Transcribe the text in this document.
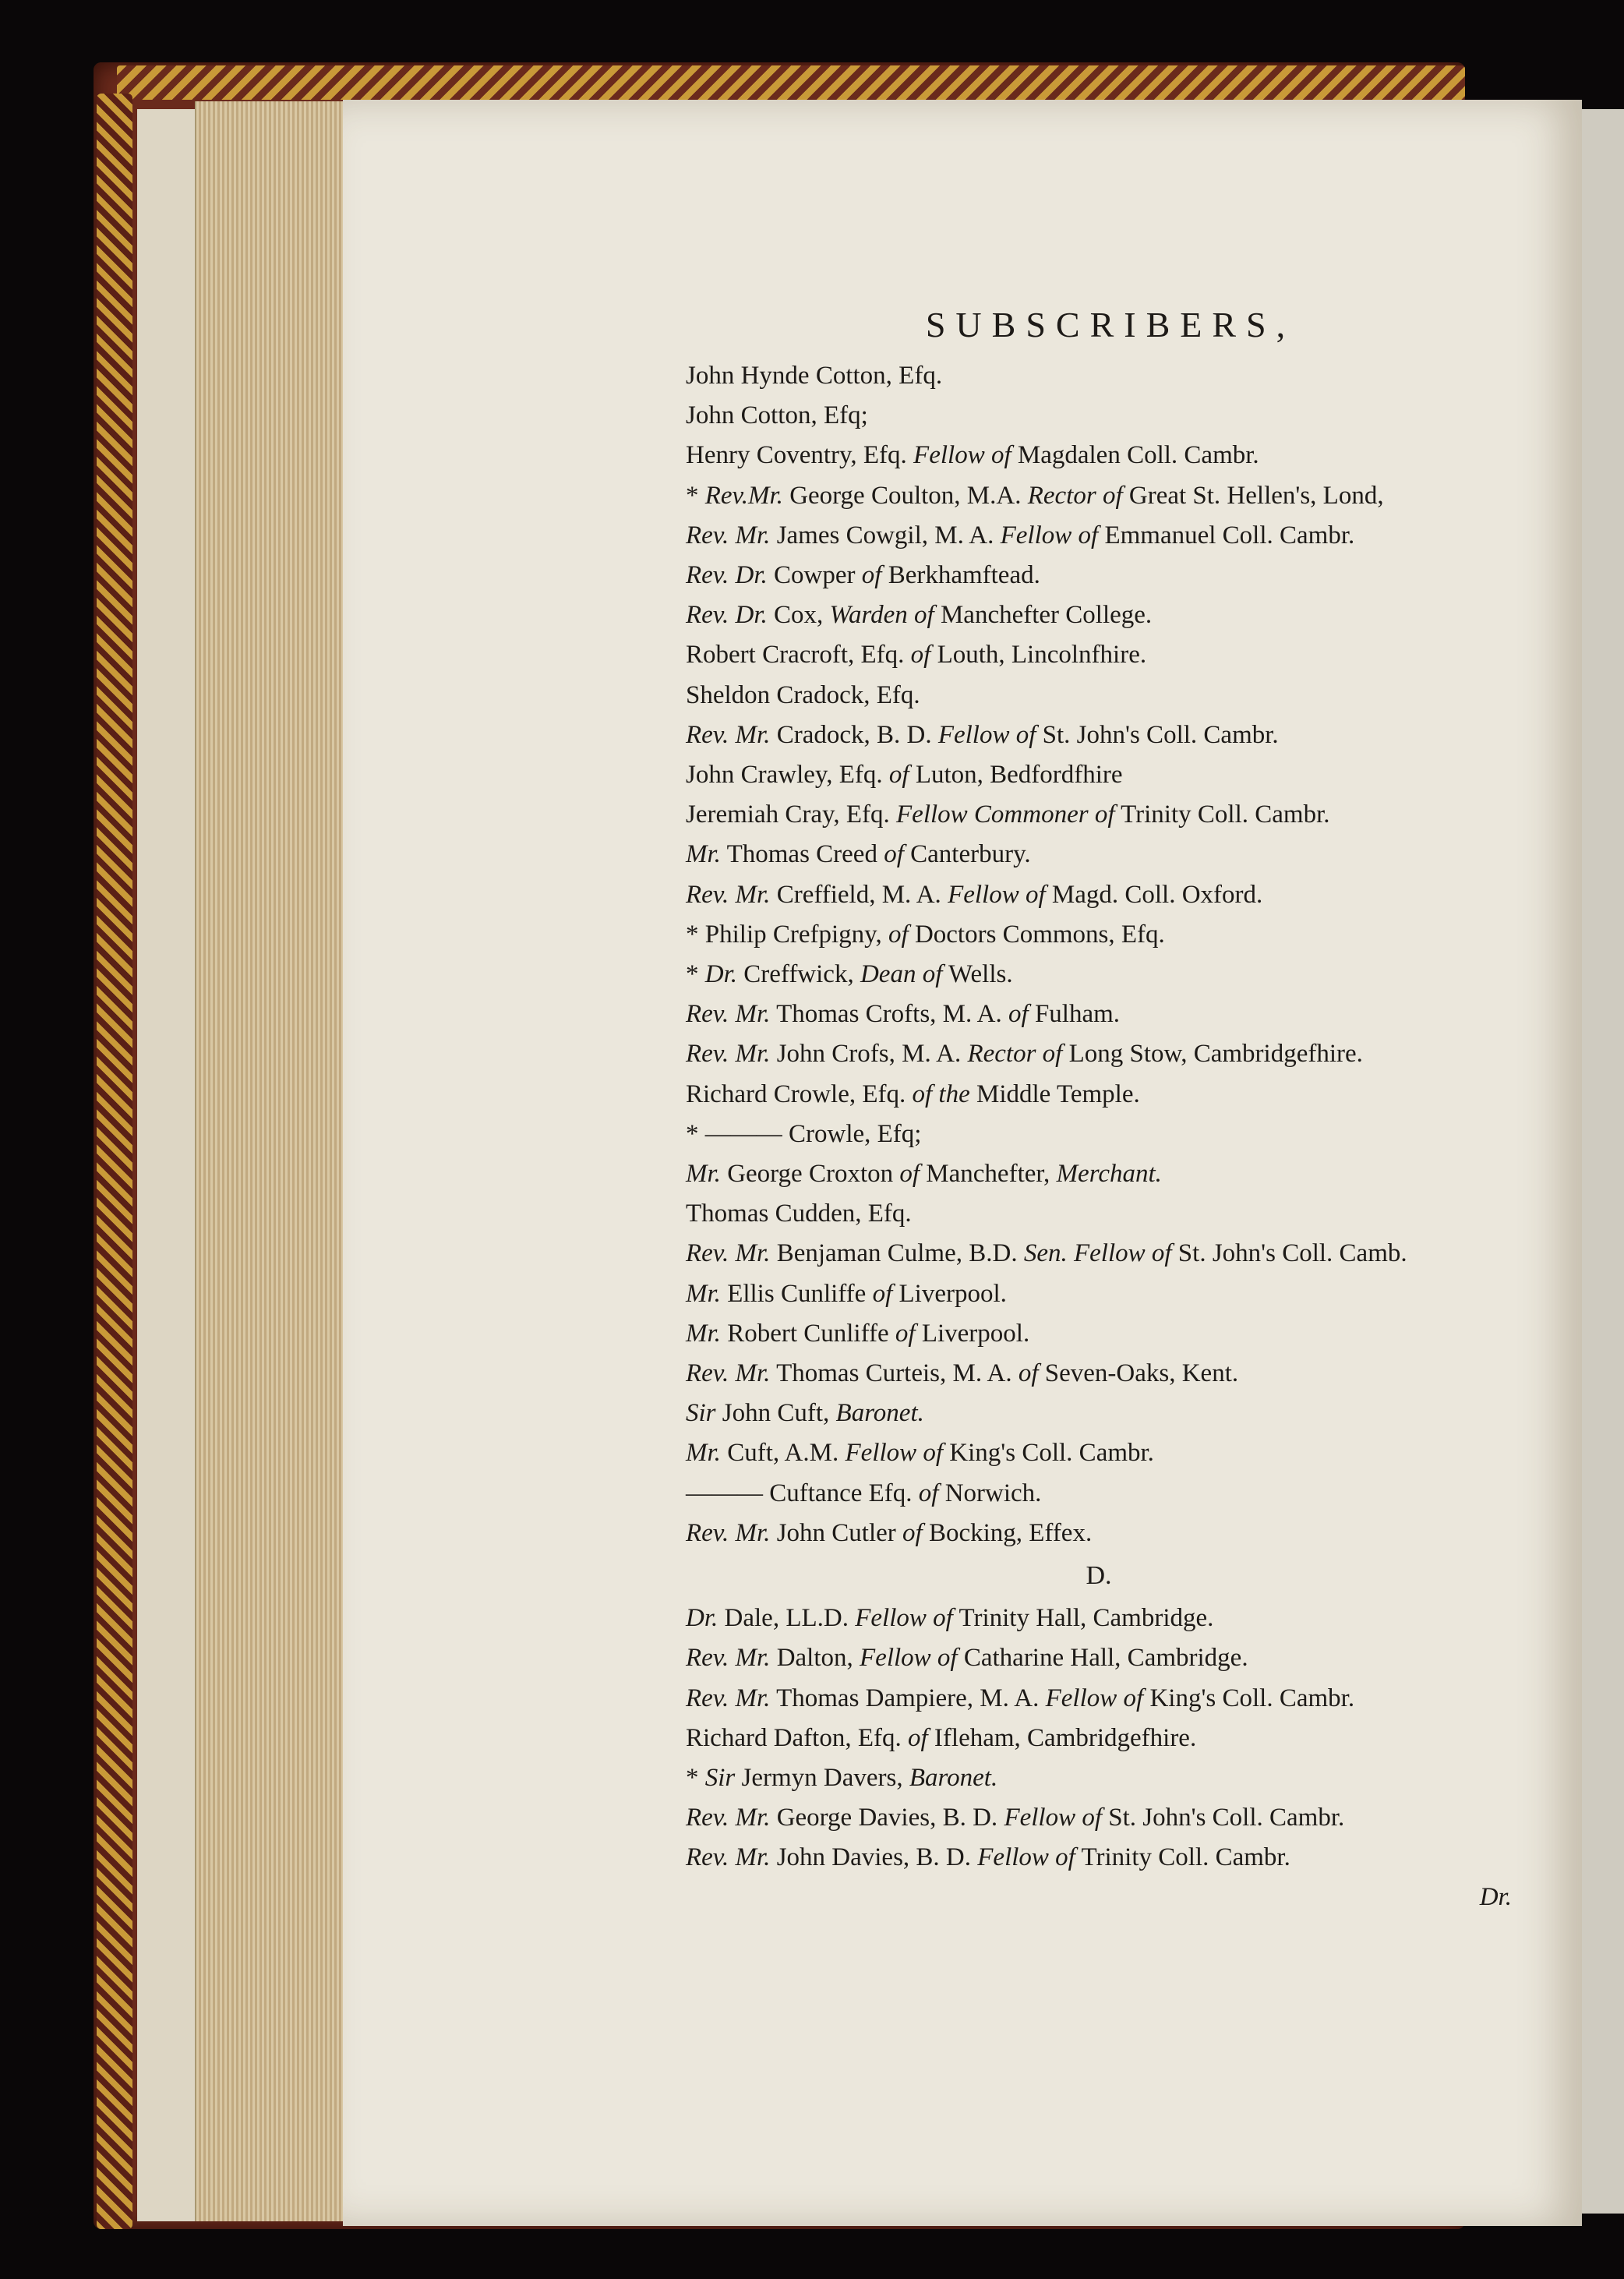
SUBSCRIBERS,
John Hynde Cotton, Efq.
John Cotton, Efq;
Henry Coventry, Efq. Fellow of Magdalen Coll. Cambr.
* Rev.Mr. George Coulton, M.A. Rector of Great St. Hellen's, Lond,
Rev. Mr. James Cowgil, M. A. Fellow of Emmanuel Coll. Cambr.
Rev. Dr. Cowper of Berkhamftead.
Rev. Dr. Cox, Warden of Manchefter College.
Robert Cracroft, Efq. of Louth, Lincolnfhire.
Sheldon Cradock, Efq.
Rev. Mr. Cradock, B. D. Fellow of St. John's Coll. Cambr.
John Crawley, Efq. of Luton, Bedfordfhire
Jeremiah Cray, Efq. Fellow Commoner of Trinity Coll. Cambr.
Mr. Thomas Creed of Canterbury.
Rev. Mr. Creffield, M. A. Fellow of Magd. Coll. Oxford.
* Philip Crefpigny, of Doctors Commons, Efq.
* Dr. Creffwick, Dean of Wells.
Rev. Mr. Thomas Crofts, M. A. of Fulham.
Rev. Mr. John Crofs, M. A. Rector of Long Stow, Cambridgefhire.
Richard Crowle, Efq. of the Middle Temple.
* ——— Crowle, Efq;
Mr. George Croxton of Manchefter, Merchant.
Thomas Cudden, Efq.
Rev. Mr. Benjaman Culme, B.D. Sen. Fellow of St. John's Coll. Camb.
Mr. Ellis Cunliffe of Liverpool.
Mr. Robert Cunliffe of Liverpool.
Rev. Mr. Thomas Curteis, M. A. of Seven-Oaks, Kent.
Sir John Cuft, Baronet.
Mr. Cuft, A.M. Fellow of King's Coll. Cambr.
——— Cuftance Efq. of Norwich.
Rev. Mr. John Cutler of Bocking, Effex.
D.
Dr. Dale, LL.D. Fellow of Trinity Hall, Cambridge.
Rev. Mr. Dalton, Fellow of Catharine Hall, Cambridge.
Rev. Mr. Thomas Dampiere, M. A. Fellow of King's Coll. Cambr.
Richard Dafton, Efq. of Ifleham, Cambridgefhire.
* Sir Jermyn Davers, Baronet.
Rev. Mr. George Davies, B. D. Fellow of St. John's Coll. Cambr.
Rev. Mr. John Davies, B. D. Fellow of Trinity Coll. Cambr.
Dr.
